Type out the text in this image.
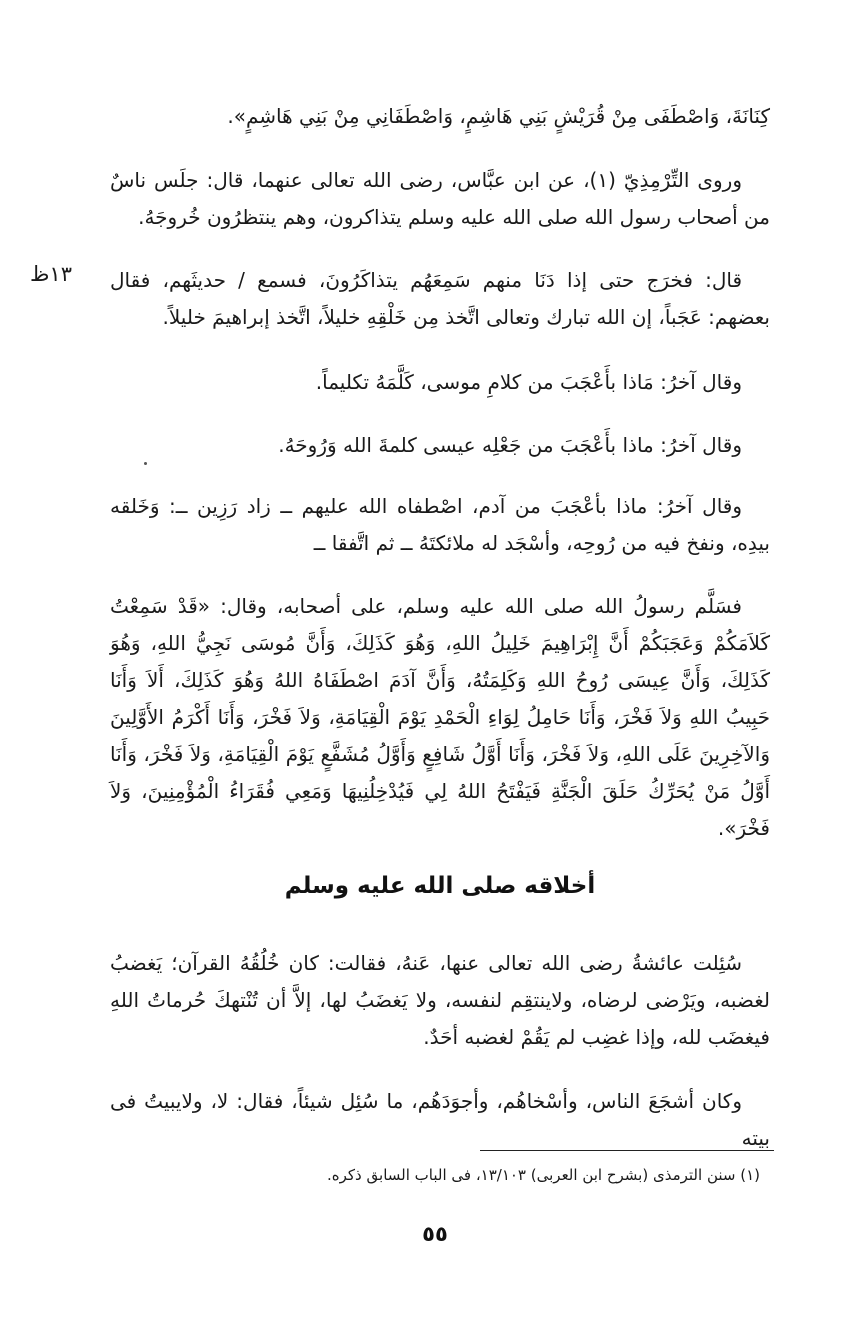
كِنَانَةَ، وَاصْطَفَى مِنْ قُرَيْشٍ بَنِي هَاشِمٍ، وَاصْطَفَانِي مِنْ بَنِي هَاشِمٍ».
وروى التِّرْمِذِيّ (١)، عن ابن عبَّاس، رضى الله تعالى عنهما، قال: جلَس ناسٌ من أصحاب رسول الله صلى الله عليه وسلم يتذاكرون، وهم ينتظرُون خُروجَهُ.
١٣ظ قال: فخرَج حتى إذا دَنَا منهم سَمِعَهُم يتذاكَرُونَ، فسمع / حديثَهم، فقال بعضهم: عَجَباً، إن الله تبارك وتعالى اتَّخذ مِن خَلْقِهِ خليلاً، اتَّخذ إبراهيمَ خليلاً.
وقال آخرُ: مَاذا بأَعْجَبَ من كلامِ موسى، كَلَّمَهُ تكليماً.
وقال آخرُ: ماذا بأَعْجَبَ من جَعْلِه عيسى كلمةَ الله وَرُوحَهُ.
وقال آخرُ: ماذا بأعْجَبَ من آدم، اصْطفاه الله عليهم ــ زاد رَزِين ــ: وَخَلقه بيدِه، ونفخ فيه من رُوحِه، وأسْجَد له ملائكتَهُ ــ ثم اتَّفقا ــ
فسَلَّم رسولُ الله صلى الله عليه وسلم، على أصحابه، وقال: «قَدْ سَمِعْتُ كَلاَمَكُمْ وَعَجَبَكُمْ أَنَّ إِبْرَاهِيمَ خَلِيلُ اللهِ، وَهُوَ كَذَلِكَ، وَأَنَّ مُوسَى نَجِيُّ اللهِ، وَهُوَ كَذَلِكَ، وَأَنَّ عِيسَى رُوحُ اللهِ وَكَلِمَتُهُ، وَأَنَّ آدَمَ اصْطَفَاهُ اللهُ وَهُوَ كَذَلِكَ، أَلاَ وَأَنَا حَبِيبُ اللهِ وَلاَ فَخْرَ، وَأَنَا حَامِلُ لِوَاءِ الْحَمْدِ يَوْمَ الْقِيَامَةِ، وَلاَ فَخْرَ، وَأَنَا أَكْرَمُ الأَوَّلِينَ وَالآخِرِينَ عَلَى اللهِ، وَلاَ فَخْرَ، وَأَنَا أَوَّلُ شَافِعٍ وَأَوَّلُ مُشَفَّعٍ يَوْمَ الْقِيَامَةِ، وَلاَ فَخْرَ، وَأَنَا أَوَّلُ مَنْ يُحَرِّكُ حَلَقَ الْجَنَّةِ فَيَفْتَحُ اللهُ لِي فَيُدْخِلُنِيهَا وَمَعِي فُقَرَاءُ الْمُؤْمِنِينَ، وَلاَ فَخْرَ».
أخلاقه صلى الله عليه وسلم
سُئِلت عائشةُ رضى الله تعالى عنها، عَنهُ، فقالت: كان خُلُقُهُ القرآن؛ يَغضبُ لغضبه، ويَرْضى لرضاه، ولاينتقِم لنفسه، ولا يَغضَبُ لها، إلاَّ أن تُنْتهكَ حُرماتُ اللهِ فيغضَب لله، وإذا غضِب لم يَقُمْ لغضبه أحَدٌ.
وكان أشجَعَ الناس، وأسْخاهُم، وأجوَدَهُم، ما سُئِل شيئاً، فقال: لا، ولايبيتُ فى بيته
(١) سنن الترمذى (بشرح ابن العربى) ١٣/١٠٣، فى الباب السابق ذكره.
٥٥
